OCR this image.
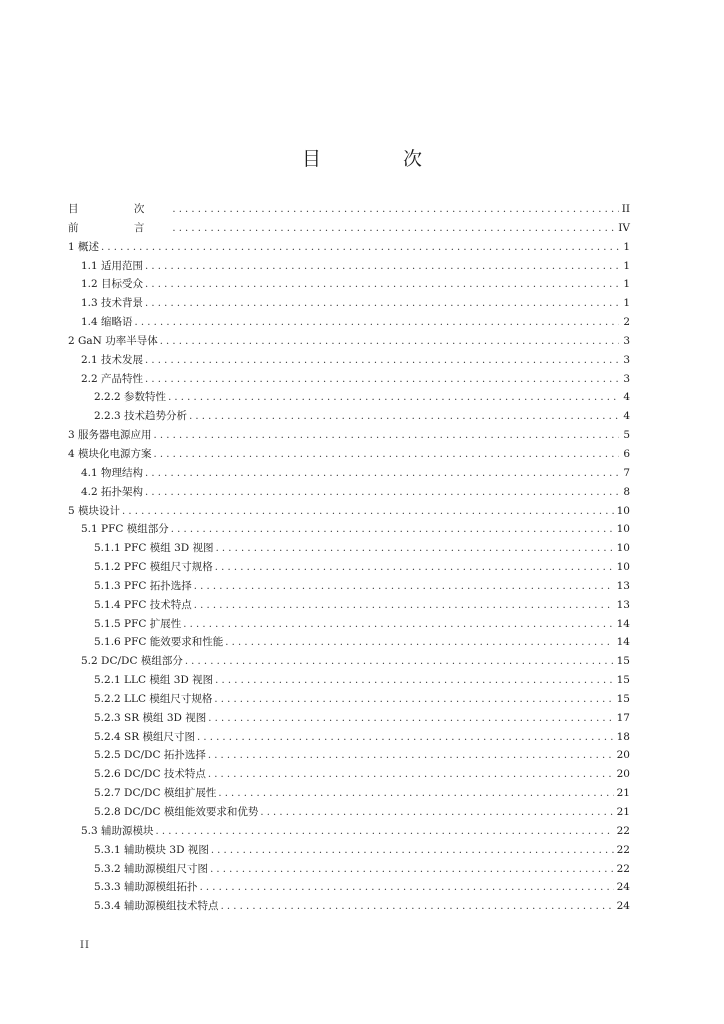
目 次
目 次 . . .	II
前 言 . . .	IV
1 概述 . . .	1
1.1 适用范围 . . .	1
1.2 目标受众 . . .	1
1.3 技术背景 . . .	1
1.4 缩略语 . . .	2
2 GaN 功率半导体 . . .	3
2.1 技术发展 . . .	3
2.2 产品特性 . . .	3
2.2.2 参数特性 . . .	4
2.2.3 技术趋势分析 . . .	4
3 服务器电源应用 . . .	5
4 模块化电源方案 . . .	6
4.1 物理结构 . . .	7
4.2 拓扑架构 . . .	8
5 模块设计 . . .	10
5.1 PFC 模组部分 . . .	10
5.1.1 PFC 模组 3D 视图 . . .	10
5.1.2 PFC 模组尺寸规格 . . .	10
5.1.3 PFC 拓扑选择 . . .	13
5.1.4 PFC 技术特点 . . .	13
5.1.5 PFC 扩展性 . . .	14
5.1.6 PFC 能效要求和性能 . . .	14
5.2 DC/DC 模组部分 . . .	15
5.2.1 LLC 模组 3D 视图 . . .	15
5.2.2 LLC 模组尺寸规格 . . .	15
5.2.3 SR 模组 3D 视图 . . .	17
5.2.4 SR 模组尺寸图 . . .	18
5.2.5 DC/DC 拓扑选择 . . .	20
5.2.6 DC/DC 技术特点 . . .	20
5.2.7 DC/DC 模组扩展性 . . .	21
5.2.8 DC/DC 模组能效要求和优势 . . .	21
5.3 辅助源模块 . . .	22
5.3.1 辅助模块 3D 视图 . . .	22
5.3.2 辅助源模组尺寸图 . . .	22
5.3.3 辅助源模组拓扑 . . .	24
5.3.4 辅助源模组技术特点 . . .	24
II
